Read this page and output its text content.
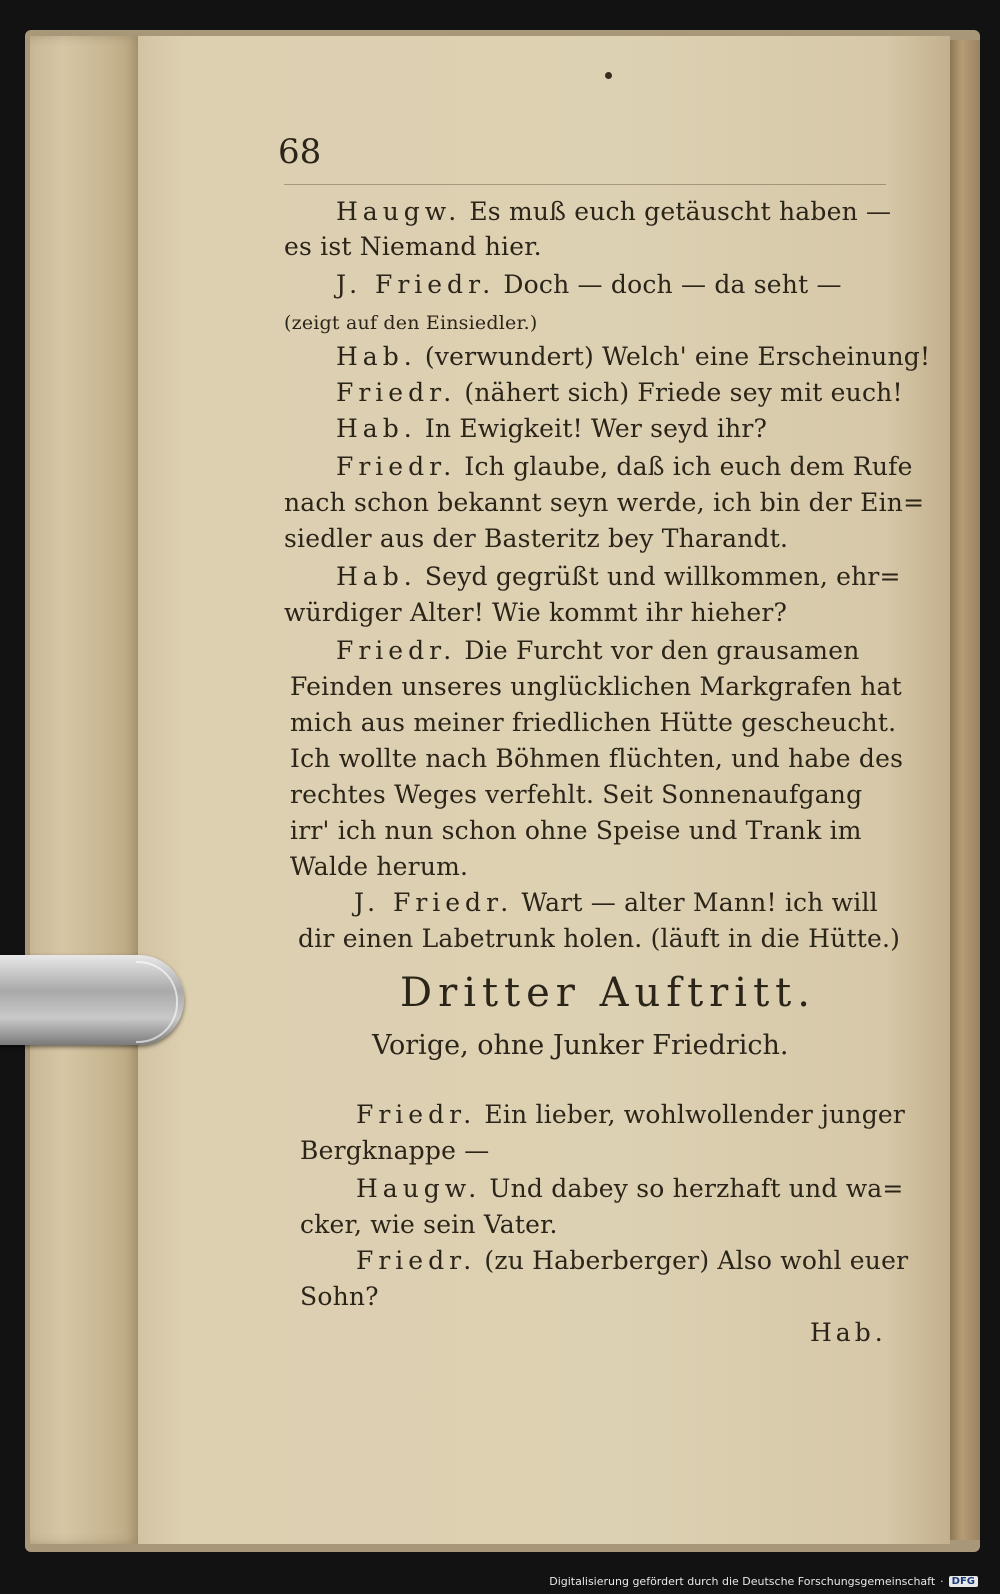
68
Haugw. Es muß euch getäuscht haben —
es ist Niemand hier.
J. Friedr. Doch — doch — da seht —
(zeigt auf den Einsiedler.)
Hab. (verwundert) Welch' eine Erscheinung!
Friedr. (nähert sich) Friede sey mit euch!
Hab. In Ewigkeit! Wer seyd ihr?
Friedr. Ich glaube, daß ich euch dem Rufe
nach schon bekannt seyn werde, ich bin der Ein=
siedler aus der Basteritz bey Tharandt.
Hab. Seyd gegrüßt und willkommen, ehr=
würdiger Alter! Wie kommt ihr hieher?
Friedr. Die Furcht vor den grausamen
Feinden unseres unglücklichen Markgrafen hat
mich aus meiner friedlichen Hütte gescheucht.
Ich wollte nach Böhmen flüchten, und habe des
rechtes Weges verfehlt. Seit Sonnenaufgang
irr' ich nun schon ohne Speise und Trank im
Walde herum.
J. Friedr. Wart — alter Mann! ich will
dir einen Labetrunk holen. (läuft in die Hütte.)
Dritter Auftritt.
Vorige, ohne Junker Friedrich.
Friedr. Ein lieber, wohlwollender junger
Bergknappe —
Haugw. Und dabey so herzhaft und wa=
cker, wie sein Vater.
Friedr. (zu Haberberger) Also wohl euer
Sohn?
Hab.
Digitalisierung gefördert durch die Deutsche Forschungsgemeinschaft · DFG
